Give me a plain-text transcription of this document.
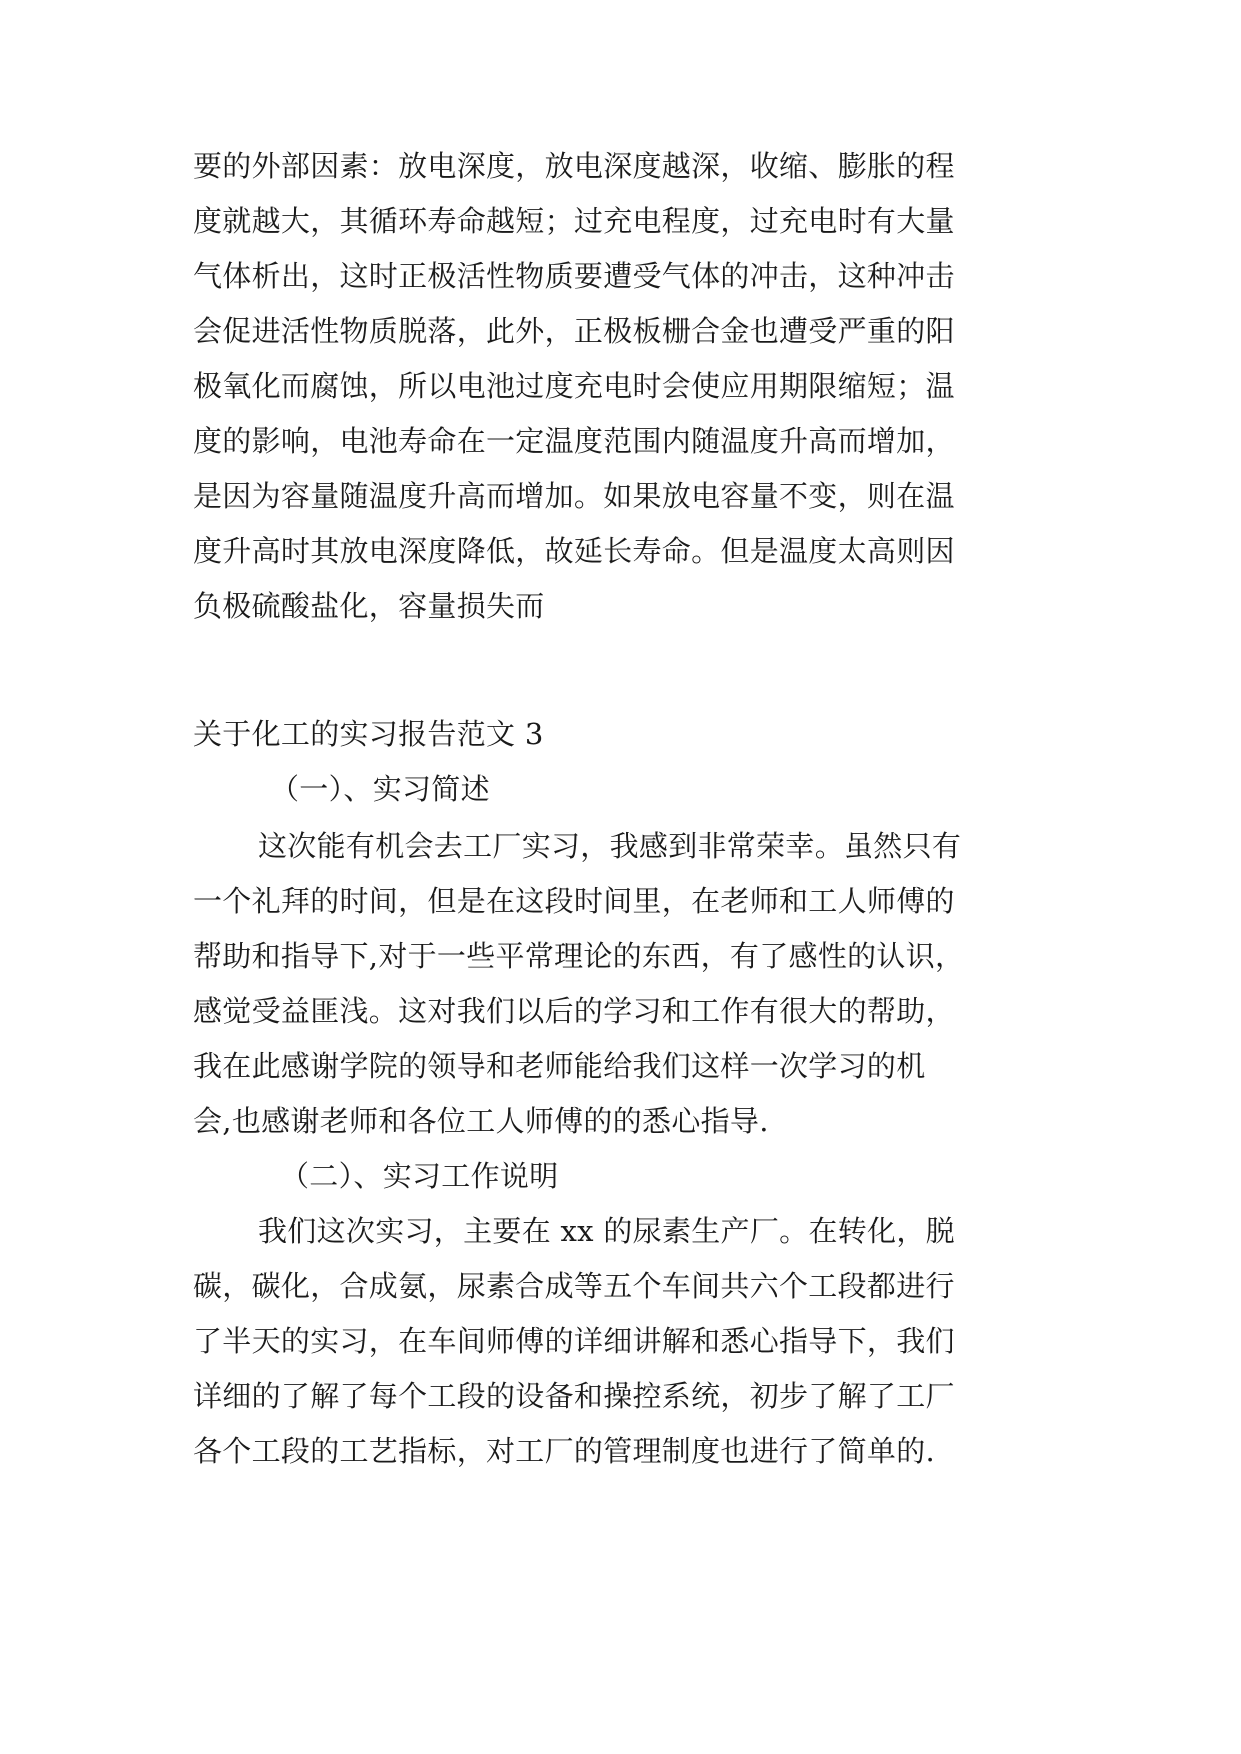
要的外部因素：放电深度，放电深度越深，收缩、膨胀的程
度就越大，其循环寿命越短；过充电程度，过充电时有大量
气体析出，这时正极活性物质要遭受气体的冲击，这种冲击
会促进活性物质脱落，此外，正极板栅合金也遭受严重的阳
极氧化而腐蚀，所以电池过度充电时会使应用期限缩短；温
度的影响，电池寿命在一定温度范围内随温度升高而增加，
是因为容量随温度升高而增加。如果放电容量不变，则在温
度升高时其放电深度降低，故延长寿命。但是温度太高则因
负极硫酸盐化，容量损失而
关于化工的实习报告范文 3
（一）、实习简述
这次能有机会去工厂实习，我感到非常荣幸。虽然只有
一个礼拜的时间，但是在这段时间里，在老师和工人师傅的
帮助和指导下,对于一些平常理论的东西，有了感性的认识，
感觉受益匪浅。这对我们以后的学习和工作有很大的帮助，
我在此感谢学院的领导和老师能给我们这样一次学习的机
会,也感谢老师和各位工人师傅的的悉心指导.
（二）、实习工作说明
我们这次实习，主要在 xx 的尿素生产厂。在转化，脱
碳，碳化，合成氨，尿素合成等五个车间共六个工段都进行
了半天的实习，在车间师傅的详细讲解和悉心指导下，我们
详细的了解了每个工段的设备和操控系统，初步了解了工厂
各个工段的工艺指标，对工厂的管理制度也进行了简单的.
